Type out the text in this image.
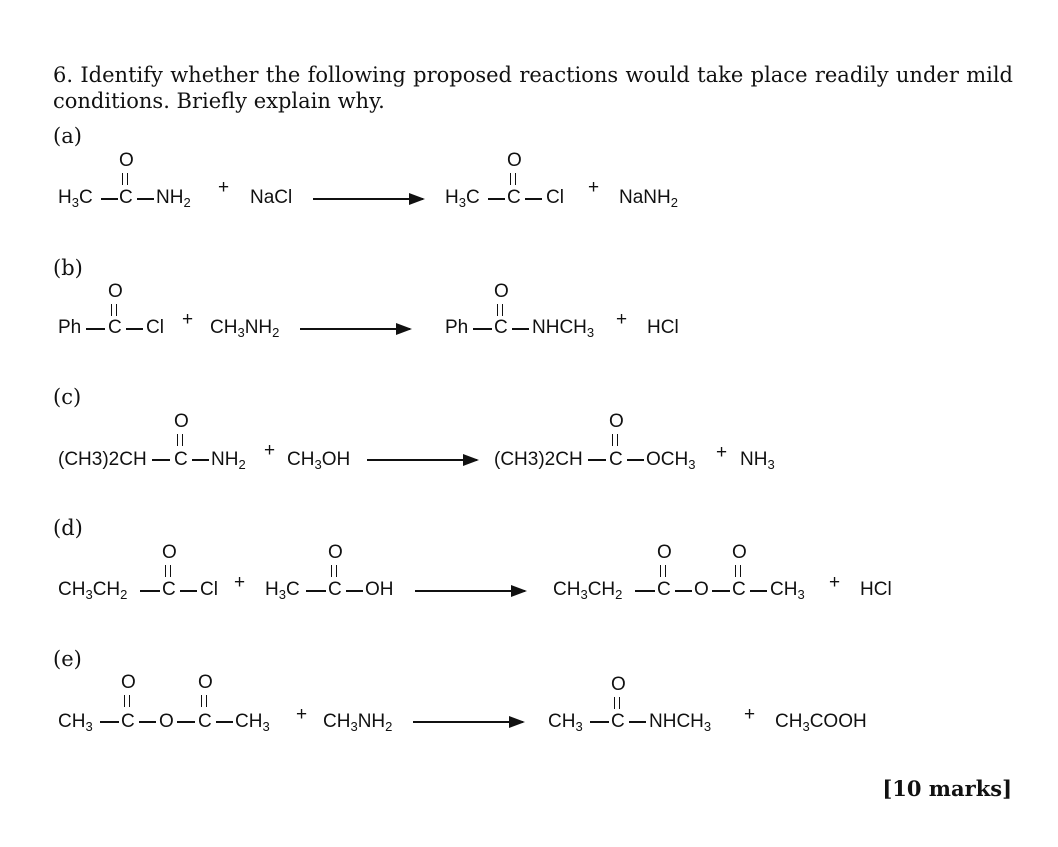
6. Identify whether the following proposed reactions would take place readily under mild conditions. Briefly explain why.
(a)
$H_3C$
O
C $NH_2$
+ NaCl	$H_3C$
O
C Cl + NaNH$_2$
(b)
Ph
O
C $Cl + CH_3NH_2$	Ph
O
C $NHCH_3$
+ HCl
(c)
(CH3)2CH
O
C $NH_2$
+ $CH_3OH$	(CH3)2CH
O
C $OCH_3$
+ $NH_3$
(d)
$CH_3CH_2$
O
C $Cl + H_3C$
O
C OH	$CH_3CH_2$
O
C O
O
C $CH_3$
+ HCl
(e)
$CH_3$
O
C O
O
C $CH_3$
+ $CH_3NH_2$	$CH_3$
O
C $NHCH_3$
+ $CH_3COOH$
[10 marks]
